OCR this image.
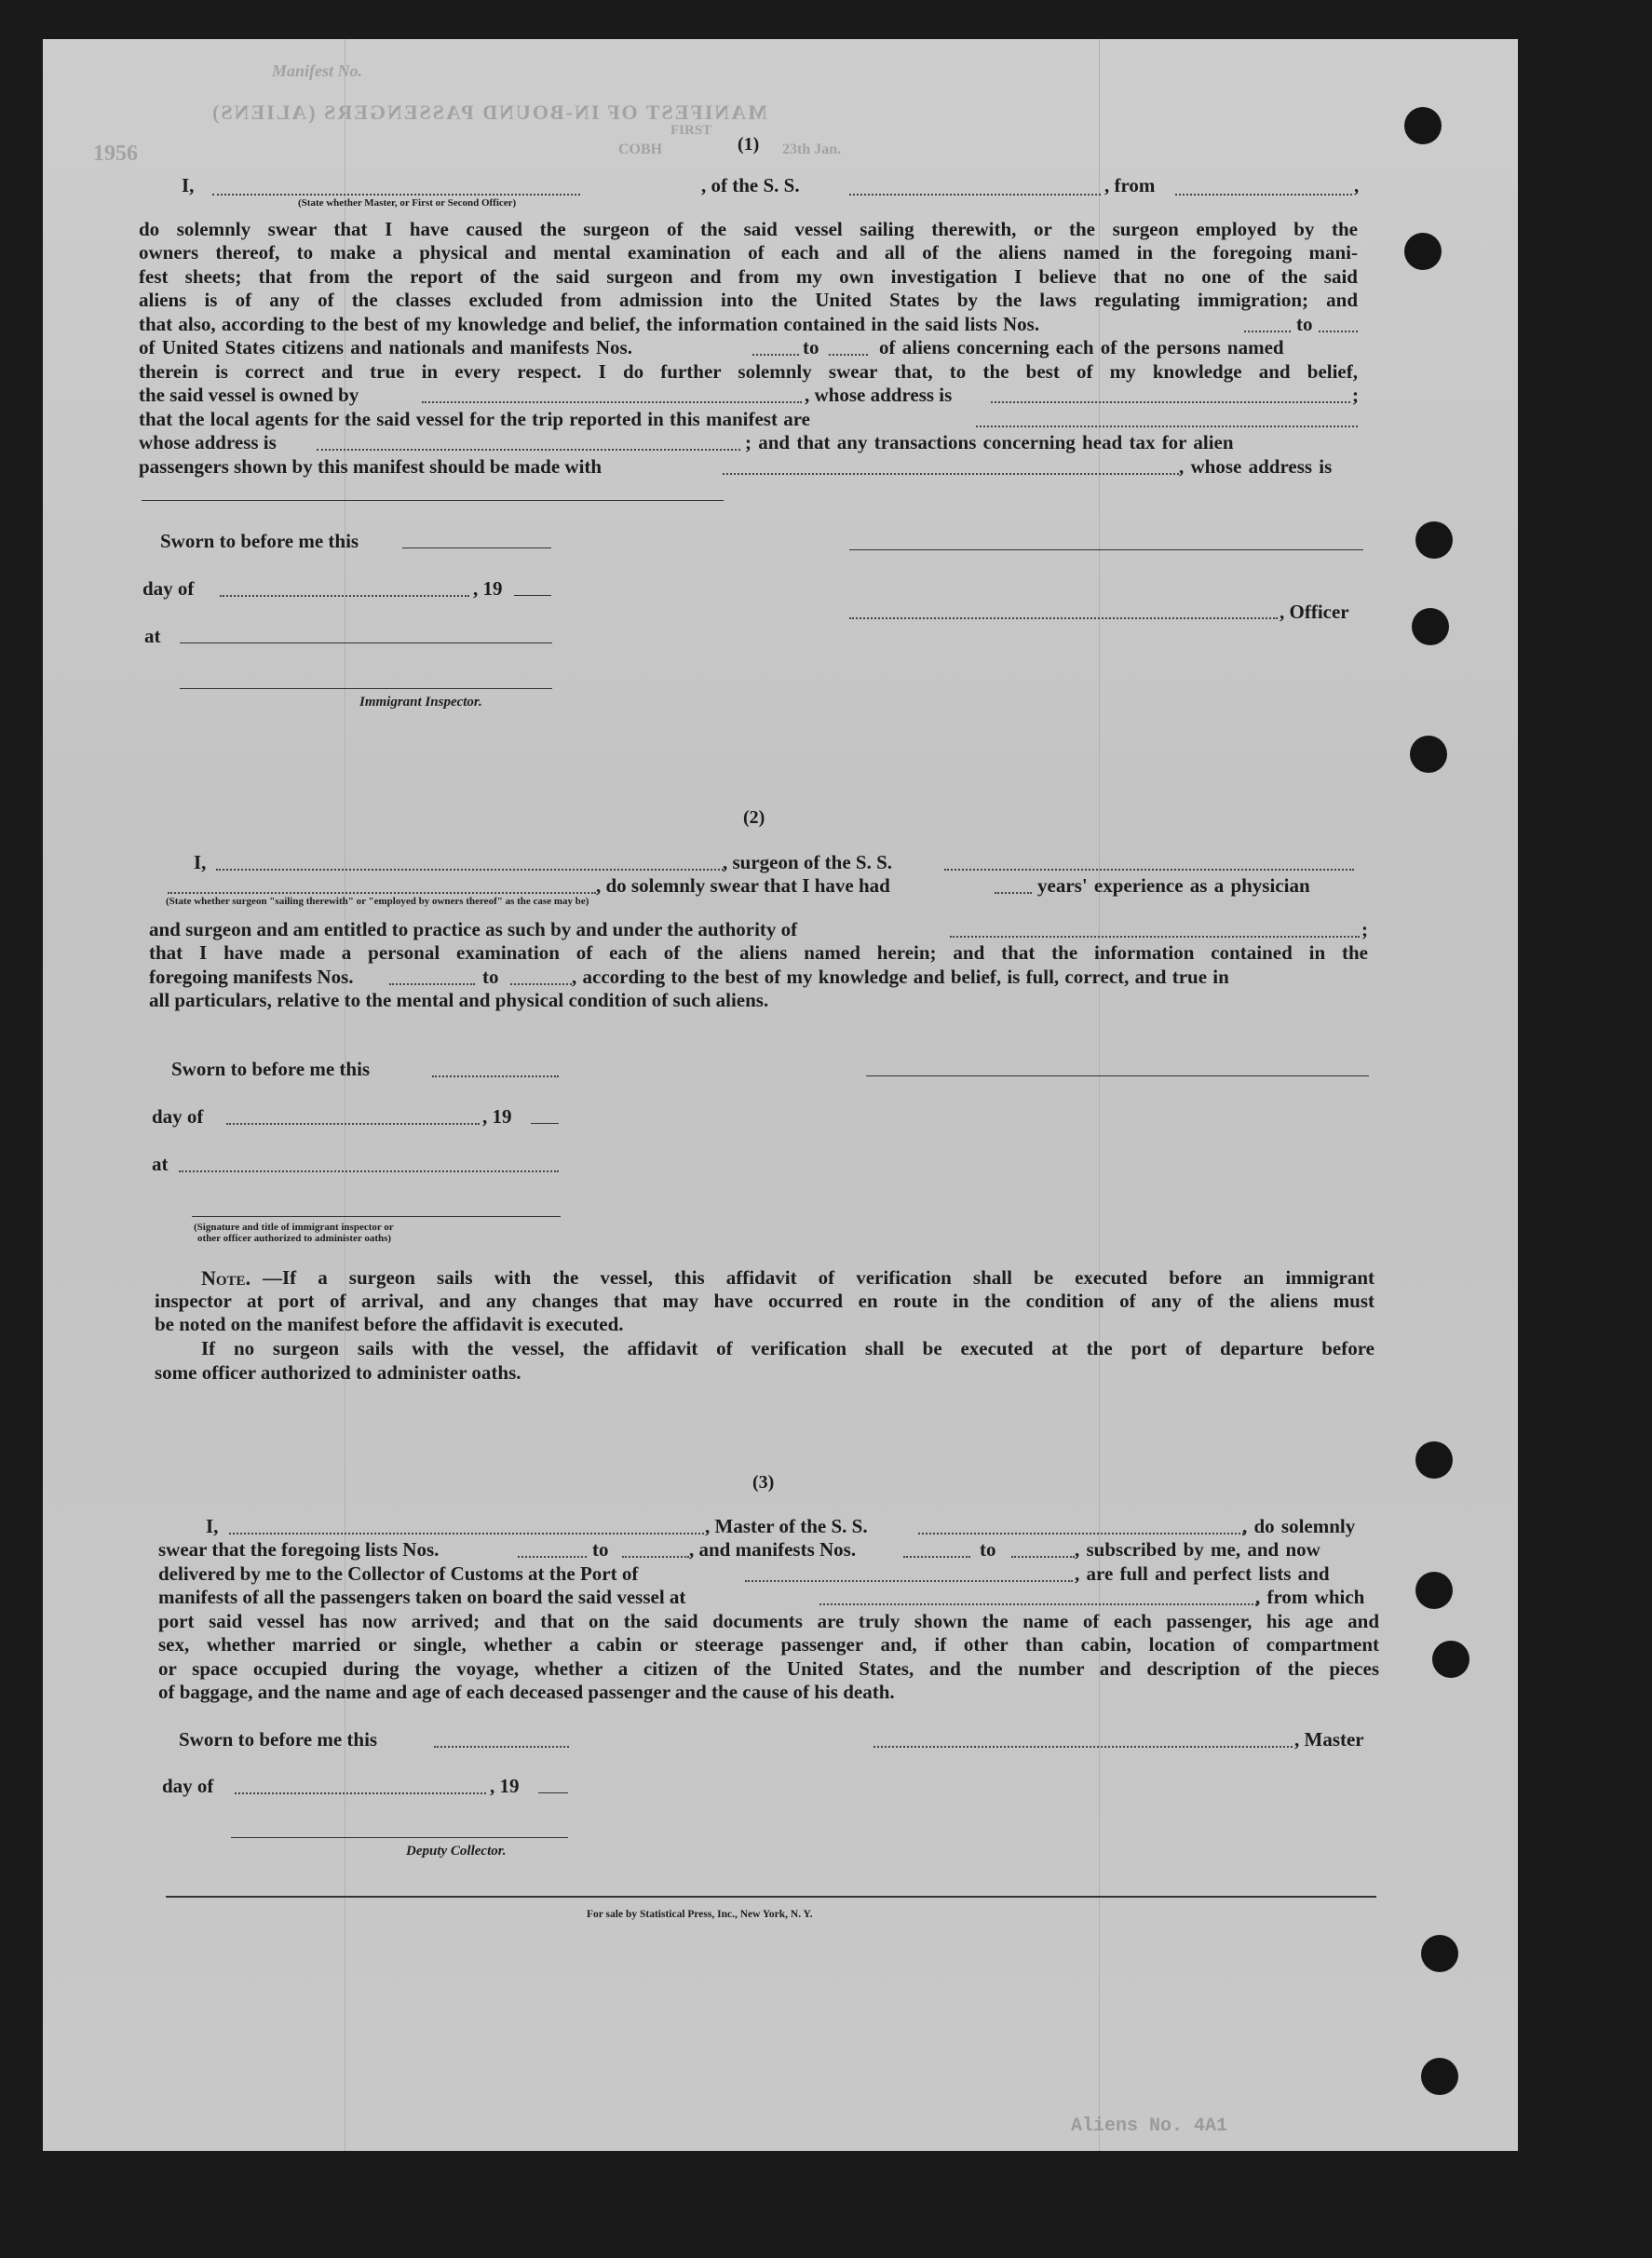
Manifest No.
MANIFEST OF IN-BOUND PASSENGERS (ALIENS)
COBH
FIRST
23th Jan.
1956	(1)
I,	, of the S. S.	, from	,
(State whether Master, or First or Second Officer)
do solemnly swear that I have caused the surgeon of the said vessel sailing therewith, or the surgeon employed by the
owners thereof, to make a physical and mental examination of each and all of the aliens named in the foregoing mani-
fest sheets; that from the report of the said surgeon and from my own investigation I believe that no one of the said
aliens is of any of the classes excluded from admission into the United States by the laws regulating immigration; and
that also, according to the best of my knowledge and belief, the information contained in the said lists Nos.	to
of United States citizens and nationals and manifests Nos.	to	of aliens concerning each of the persons named
therein is correct and true in every respect. I do further solemnly swear that, to the best of my knowledge and belief,
the said vessel is owned by	, whose address is	;
that the local agents for the said vessel for the trip reported in this manifest are
whose address is	; and that any transactions concerning head tax for alien
passengers shown by this manifest should be made with	, whose address is
Sworn to before me this
day of	, 19
, Officer
at
Immigrant Inspector.
(2)
I,	, surgeon of the S. S.
, do solemnly swear that I have had	years' experience as a physician
(State whether surgeon "sailing therewith" or "employed by owners thereof" as the case may be)
and surgeon and am entitled to practice as such by and under the authority of	;
that I have made a personal examination of each of the aliens named herein; and that the information contained in the
foregoing manifests Nos.	to	, according to the best of my knowledge and belief, is full, correct, and true in
all particulars, relative to the mental and physical condition of such aliens.
Sworn to before me this
day of	, 19
at
(Signature and title of immigrant inspector or
other officer authorized to administer oaths)
Note. —If a surgeon sails with the vessel, this affidavit of verification shall be executed before an immigrant
inspector at port of arrival, and any changes that may have occurred en route in the condition of any of the aliens must
be noted on the manifest before the affidavit is executed.
If no surgeon sails with the vessel, the affidavit of verification shall be executed at the port of departure before
some officer authorized to administer oaths.
(3)
I,	, Master of the S. S.	, do solemnly
swear that the foregoing lists Nos.	to	, and manifests Nos.	to	, subscribed by me, and now
delivered by me to the Collector of Customs at the Port of	, are full and perfect lists and
manifests of all the passengers taken on board the said vessel at	, from which
port said vessel has now arrived; and that on the said documents are truly shown the name of each passenger, his age and
sex, whether married or single, whether a cabin or steerage passenger and, if other than cabin, location of compartment
or space occupied during the voyage, whether a citizen of the United States, and the number and description of the pieces
of baggage, and the name and age of each deceased passenger and the cause of his death.
Sworn to before me this	, Master
day of	, 19
Deputy Collector.
For sale by Statistical Press, Inc., New York, N. Y.
Aliens No. 4A1
